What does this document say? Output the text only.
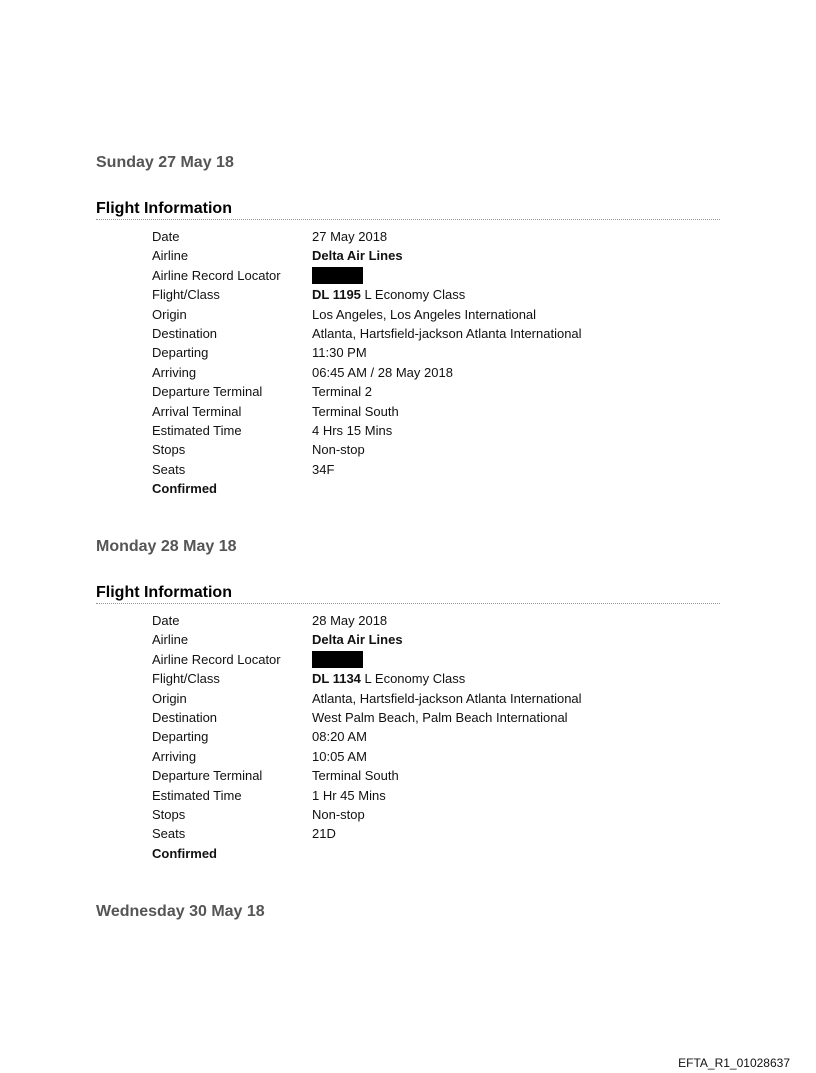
Sunday 27 May 18
Flight Information
Date	27 May 2018
Airline	Delta Air Lines
Airline Record Locator
Flight/Class	DL 1195 L Economy Class
Origin	Los Angeles, Los Angeles International
Destination	Atlanta, Hartsfield-jackson Atlanta International
Departing	11:30 PM
Arriving	06:45 AM / 28 May 2018
Departure Terminal	Terminal 2
Arrival Terminal	Terminal South
Estimated Time	4 Hrs 15 Mins
Stops	Non-stop
Seats	34F
Confirmed
Monday 28 May 18
Flight Information
Date	28 May 2018
Airline	Delta Air Lines
Airline Record Locator
Flight/Class	DL 1134 L Economy Class
Origin	Atlanta, Hartsfield-jackson Atlanta International
Destination	West Palm Beach, Palm Beach International
Departing	08:20 AM
Arriving	10:05 AM
Departure Terminal	Terminal South
Estimated Time	1 Hr 45 Mins
Stops	Non-stop
Seats	21D
Confirmed
Wednesday 30 May 18
EFTA_R1_01028637
